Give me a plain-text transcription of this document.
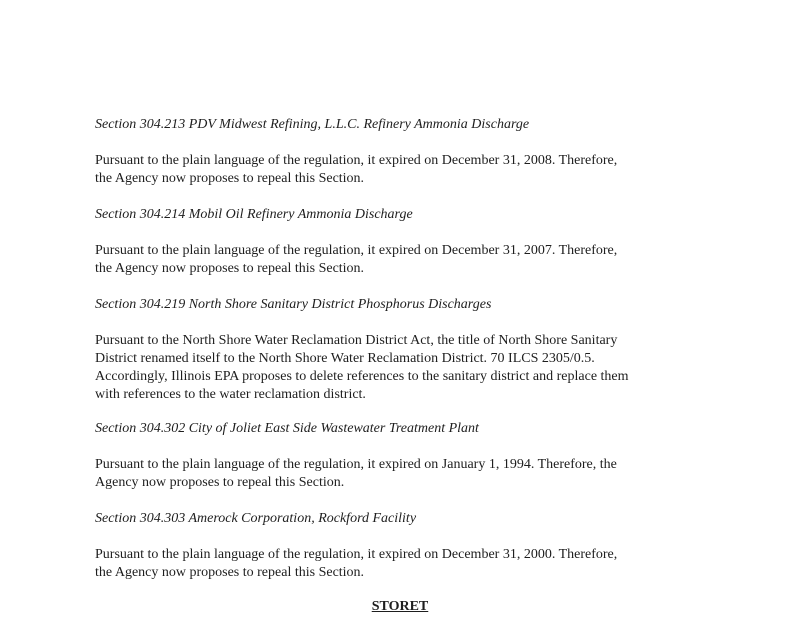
Section 304.213 PDV Midwest Refining, L.L.C. Refinery Ammonia Discharge
Pursuant to the plain language of the regulation, it expired on December 31, 2008. Therefore,
the Agency now proposes to repeal this Section.
Section 304.214 Mobil Oil Refinery Ammonia Discharge
Pursuant to the plain language of the regulation, it expired on December 31, 2007. Therefore,
the Agency now proposes to repeal this Section.
Section 304.219 North Shore Sanitary District Phosphorus Discharges
Pursuant to the North Shore Water Reclamation District Act, the title of North Shore Sanitary
District renamed itself to the North Shore Water Reclamation District. 70 ILCS 2305/0.5.
Accordingly, Illinois EPA proposes to delete references to the sanitary district and replace them
with references to the water reclamation district.
Section 304.302 City of Joliet East Side Wastewater Treatment Plant
Pursuant to the plain language of the regulation, it expired on January 1, 1994. Therefore, the
Agency now proposes to repeal this Section.
Section 304.303 Amerock Corporation, Rockford Facility
Pursuant to the plain language of the regulation, it expired on December 31, 2000. Therefore,
the Agency now proposes to repeal this Section.
STORET
